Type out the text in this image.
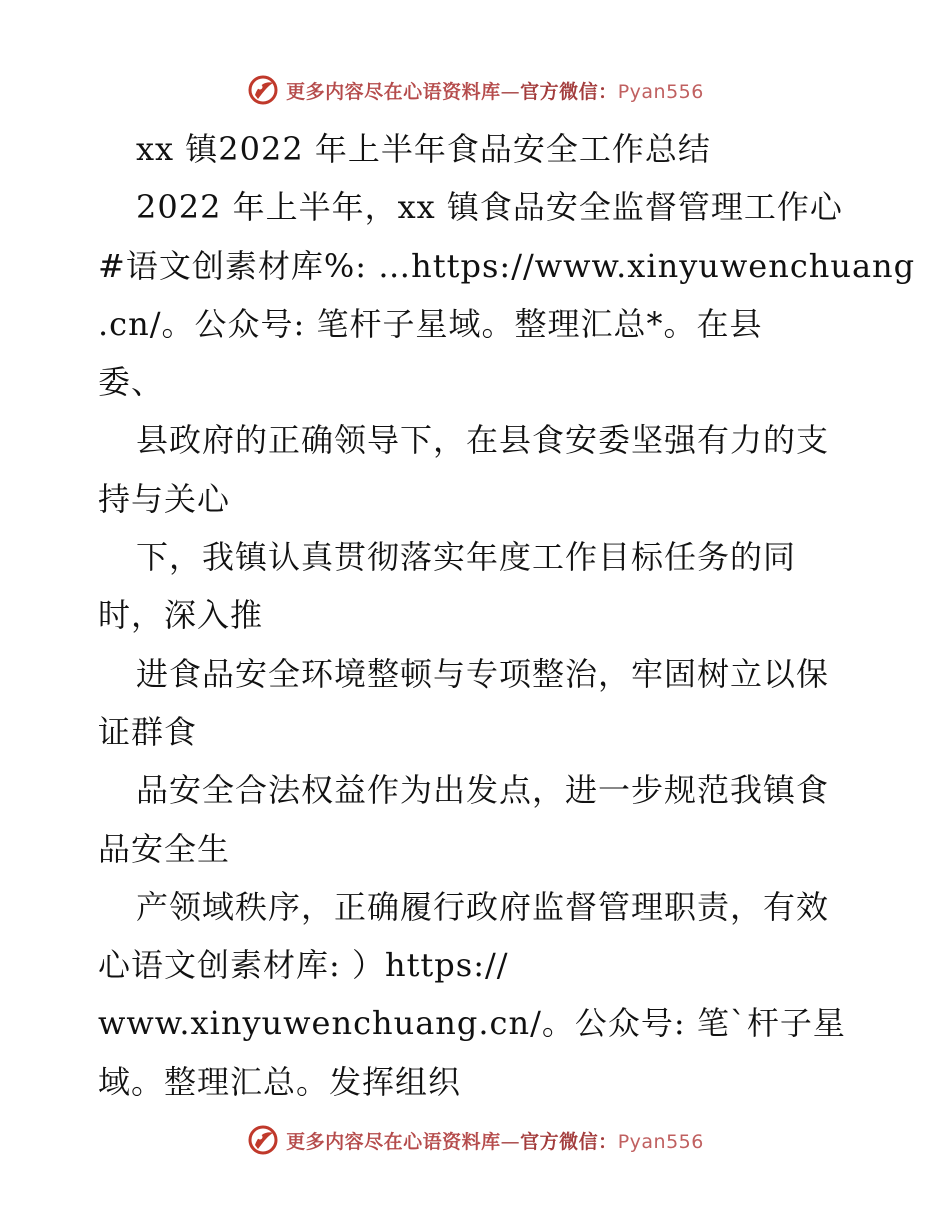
更多内容尽在心语资料库—官方微信：Pyan556
xx 镇2022 年上半年食品安全工作总结
2022 年上半年，xx 镇食品安全监督管理工作心
#语文创素材库%: …https://www.xinyuwenchuang
.cn/。公众号: 笔杆子星域。整理汇总*。在县
委、
县政府的正确领导下，在县食安委坚强有力的支
持与关心
下，我镇认真贯彻落实年度工作目标任务的同
时，深入推
进食品安全环境整顿与专项整治，牢固树立以保
证群食
品安全合法权益作为出发点，进一步规范我镇食
品安全生
产领域秩序，正确履行政府监督管理职责，有效
心语文创素材库: ）https://
www.xinyuwenchuang.cn/。公众号: 笔`杆子星
域。整理汇总。发挥组织
更多内容尽在心语资料库—官方微信：Pyan556
